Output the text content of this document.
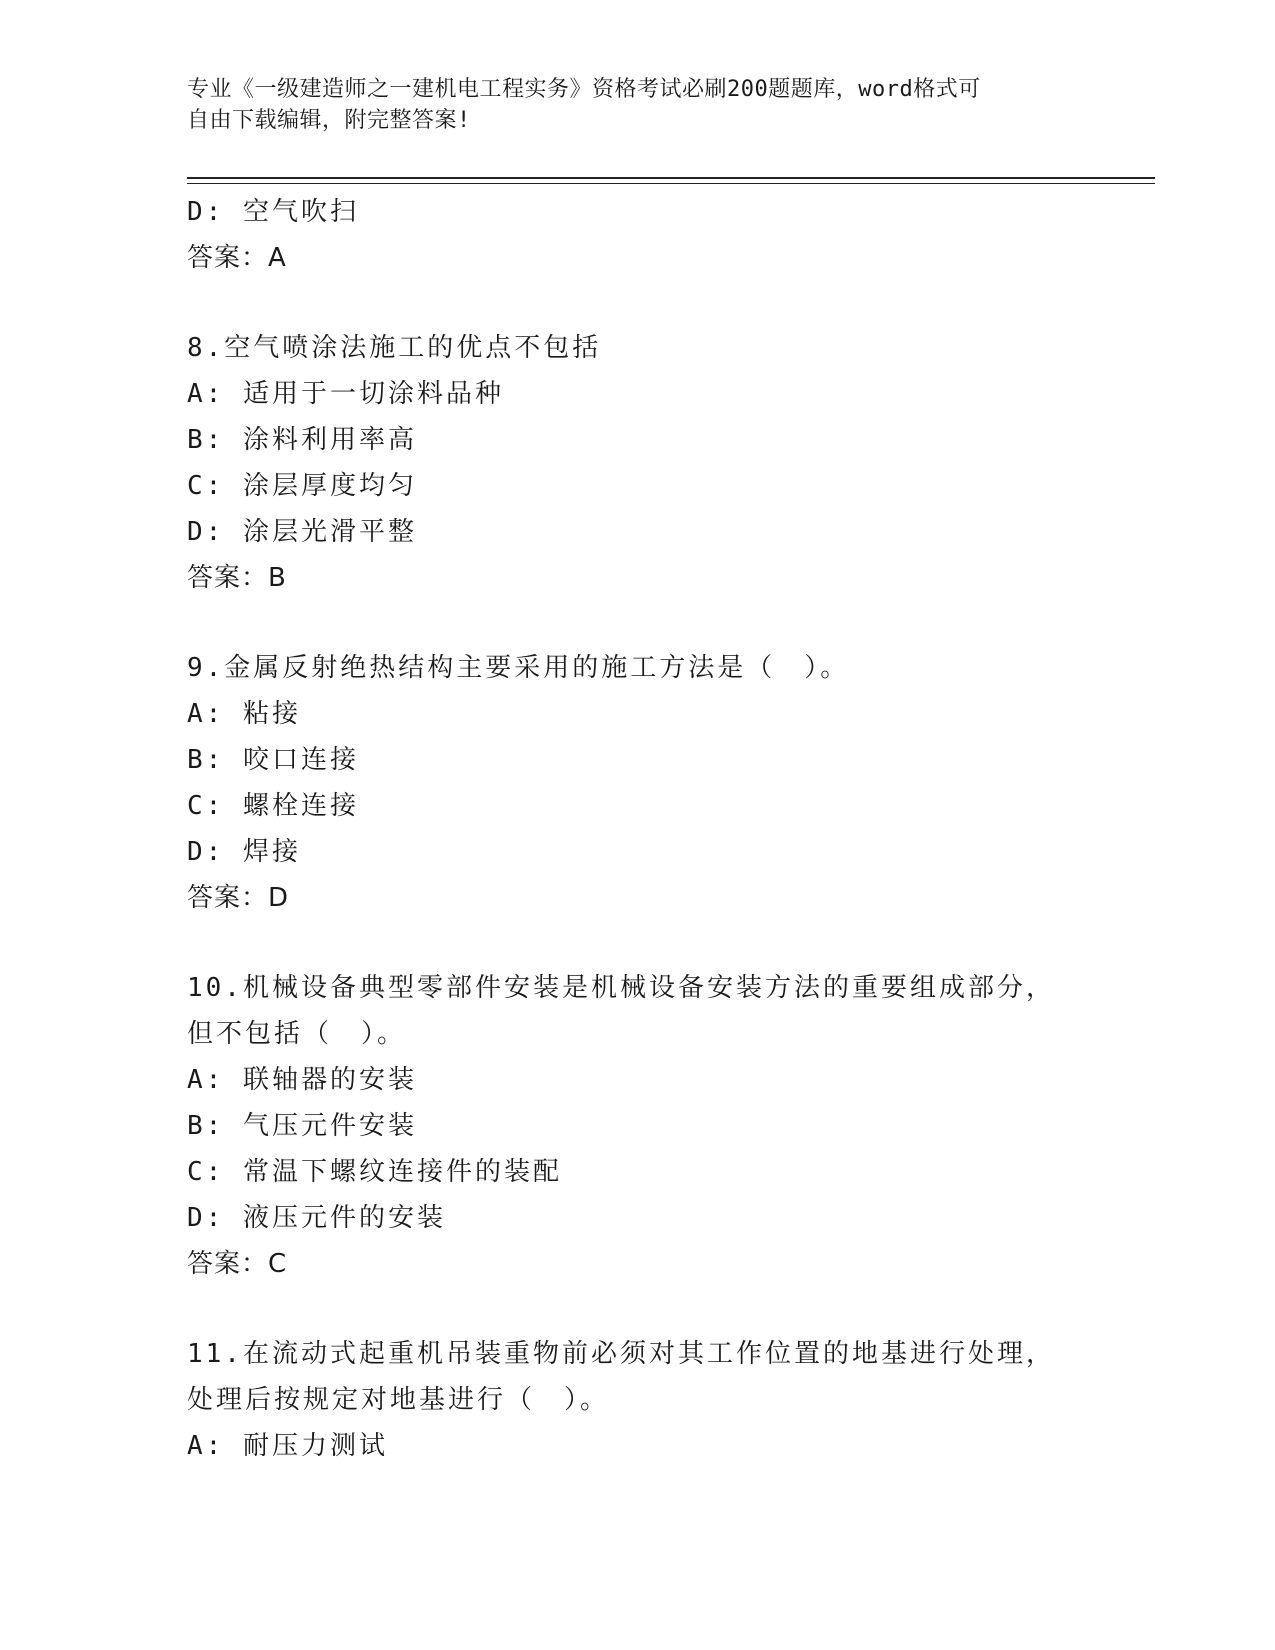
专业《一级建造师之一建机电工程实务》资格考试必刷200题题库，word格式可
自由下载编辑，附完整答案!
D: 空气吹扫
答案：A
8.空气喷涂法施工的优点不包括
A: 适用于一切涂料品种
B: 涂料利用率高
C: 涂层厚度均匀
D: 涂层光滑平整
答案：B
9.金属反射绝热结构主要采用的施工方法是（　）。
A: 粘接
B: 咬口连接
C: 螺栓连接
D: 焊接
答案：D
10.机械设备典型零部件安装是机械设备安装方法的重要组成部分，但不包括（　）。
A: 联轴器的安装
B: 气压元件安装
C: 常温下螺纹连接件的装配
D: 液压元件的安装
答案：C
11.在流动式起重机吊装重物前必须对其工作位置的地基进行处理，处理后按规定对地基进行（　）。
A: 耐压力测试
